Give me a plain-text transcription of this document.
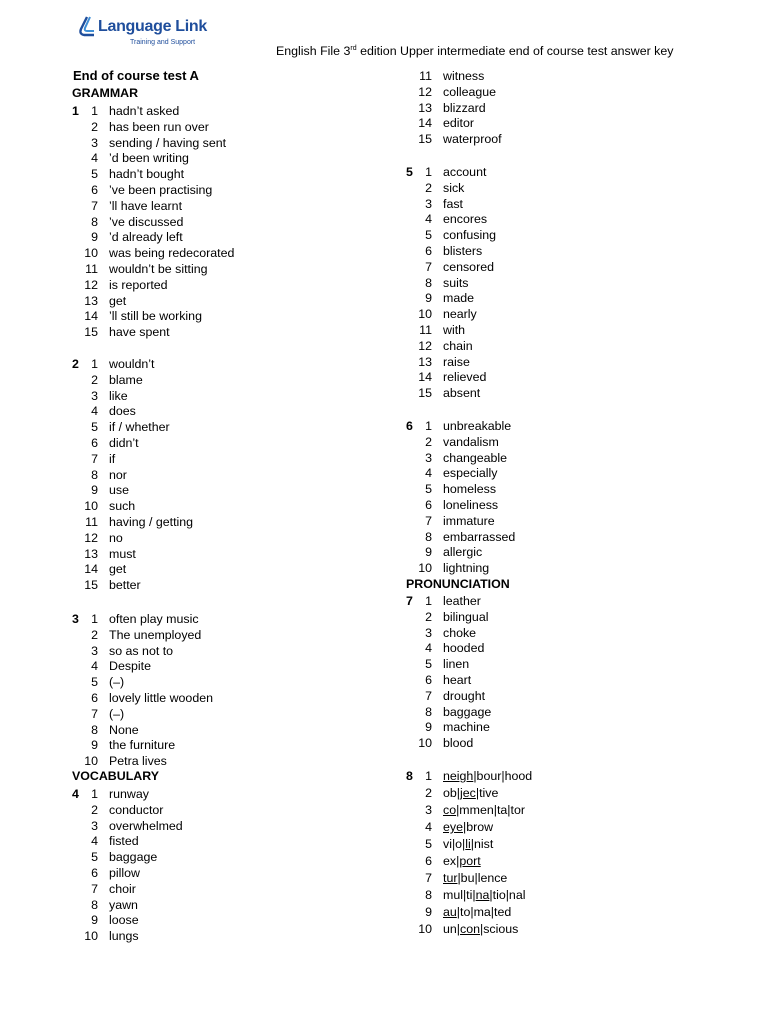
Language Link
Training and Support
English File 3rd edition Upper intermediate end of course test answer key
End of course test A
GRAMMAR
1 1 hadn’t asked
2 has been run over
3 sending / having sent
4 ’d been writing
5 hadn’t bought
6 ’ve been practising
7 ’ll have learnt
8 ’ve discussed
9 ’d already left
10 was being redecorated
11 wouldn’t be sitting
12 is reported
13 get
14 ’ll still be working
15 have spent
2 1 wouldn’t
2 blame
3 like
4 does
5 if / whether
6 didn’t
7 if
8 nor
9 use
10 such
11 having / getting
12 no
13 must
14 get
15 better
3 1 often play music
2 The unemployed
3 so as not to
4 Despite
5 (–)
6 lovely little wooden
7 (–)
8 None
9 the furniture
10 Petra lives
VOCABULARY
4 1 runway
2 conductor
3 overwhelmed
4 fisted
5 baggage
6 pillow
7 choir
8 yawn
9 loose
10 lungs
11 witness
12 colleague
13 blizzard
14 editor
15 waterproof
5 1 account
2 sick
3 fast
4 encores
5 confusing
6 blisters
7 censored
8 suits
9 made
10 nearly
11 with
12 chain
13 raise
14 relieved
15 absent
6 1 unbreakable
2 vandalism
3 changeable
4 especially
5 homeless
6 loneliness
7 immature
8 embarrassed
9 allergic
10 lightning
PRONUNCIATION
7 1 leather
2 bilingual
3 choke
4 hooded
5 linen
6 heart
7 drought
8 baggage
9 machine
10 blood
8 1 neigh|bour|hood
2 ob|jec|tive
3 co|mmen|ta|tor
4 eye|brow
5 vi|o|li|nist
6 ex|port
7 tur|bu|lence
8 mul|ti|na|tio|nal
9 au|to|ma|ted
10 un|con|scious
